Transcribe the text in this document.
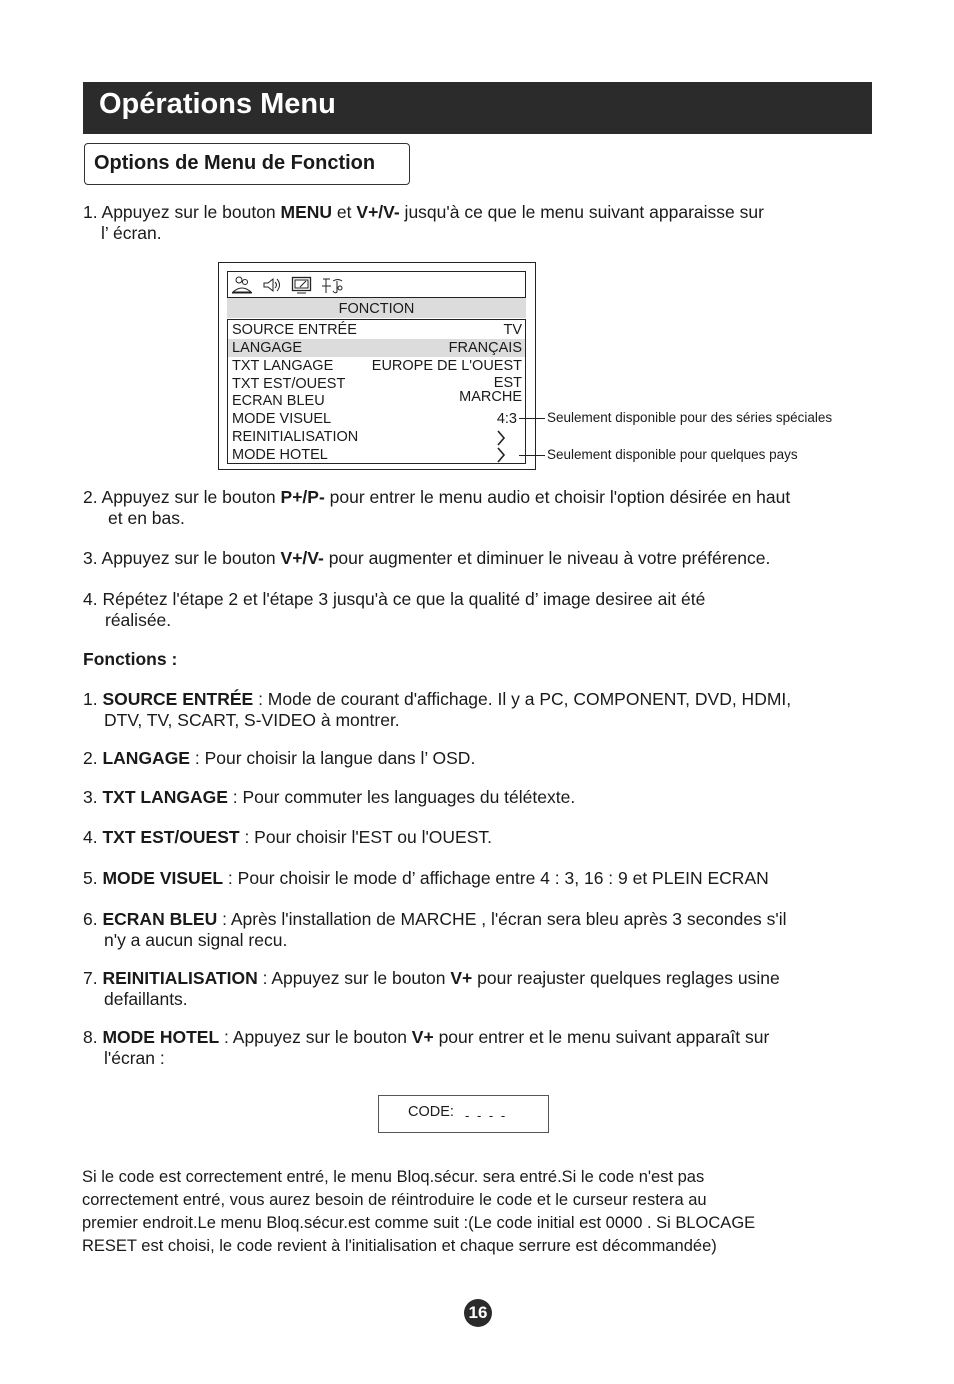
Opérations Menu
Options de Menu de Fonction
1. Appuyez sur le bouton MENU et V+/V- jusqu'à ce que le menu suivant apparaisse sur
l’ écran.
FONCTION
SOURCE ENTRÉE	TV
LANGAGE	FRANÇAIS
TXT LANGAGE	EUROPE DE L'OUEST
TXT EST/OUEST	EST
ECRAN BLEU	MARCHE
MODE VISUEL	4:3
REINITIALISATION
MODE HOTEL
Seulement disponible pour des séries spéciales
Seulement disponible pour quelques pays
2. Appuyez sur le bouton P+/P- pour entrer le menu audio et choisir l'option désirée en haut
et en bas.
3. Appuyez sur le bouton V+/V- pour augmenter et diminuer le niveau à votre préférence.
4. Répétez l'étape 2 et l'étape 3 jusqu'à ce que la qualité d’ image desiree ait été
réalisée.
Fonctions :
1. SOURCE ENTRÉE : Mode de courant d'affichage. Il y a PC, COMPONENT, DVD, HDMI,
DTV, TV, SCART, S-VIDEO à montrer.
2. LANGAGE : Pour choisir la langue dans l’ OSD.
3. TXT LANGAGE : Pour commuter les languages du télétexte.
4. TXT EST/OUEST : Pour choisir l'EST ou l'OUEST.
5. MODE VISUEL : Pour choisir le mode d’ affichage entre 4 : 3, 16 : 9 et PLEIN ECRAN
6. ECRAN BLEU : Après l'installation de MARCHE , l'écran sera bleu après 3 secondes s'il
n'y a aucun signal recu.
7. REINITIALISATION : Appuyez sur le bouton V+ pour reajuster quelques reglages usine
defaillants.
8. MODE HOTEL : Appuyez sur le bouton V+ pour entrer et le menu suivant apparaît sur
l'écran :
CODE: - - - -
Si le code est correctement entré, le menu Bloq.sécur. sera entré.Si le code n'est pas
correctement entré, vous aurez besoin de réintroduire le code et le curseur restera au
premier endroit.Le menu Bloq.sécur.est comme suit :(Le code initial est 0000 . Si BLOCAGE
RESET est choisi, le code revient à l'initialisation et chaque serrure est décommandée)
16
